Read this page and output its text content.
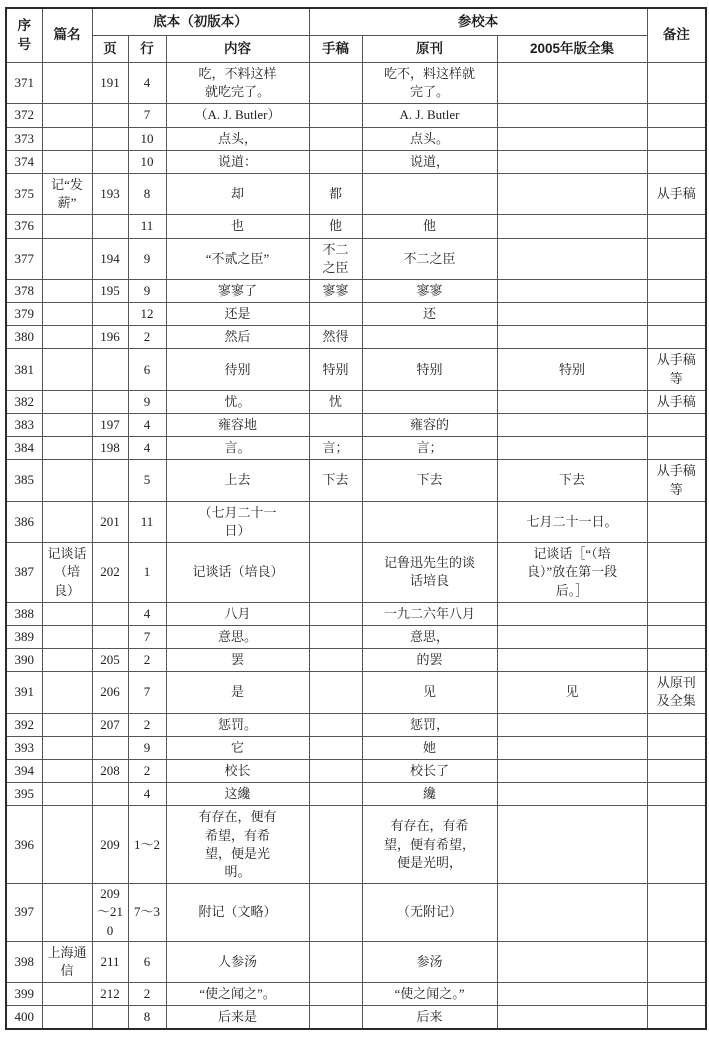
序号	篇名	底本（初版本）			参校本			备注
		页	行	内容	手稿	原刊	2005年版全集	
371		191	4	吃，不料这样就吃完了。		吃不，料这样就完了。		
372			7	（A. J. Butler）		A. J. Butler		
373			10	点头，		点头。		
374			10	说道：		说道，		
375	记“发薪”	193	8	却	都			从手稿
376			11	也	他	他		
377		194	9	“不贰之臣”	不二之臣	不二之臣		
378		195	9	寥寥了	寥寥	寥寥		
379			12	还是		还		
380		196	2	然后	然得			
381			6	待别	特别	特别	特别	从手稿等
382			9	忧。	忧			从手稿
383		197	4	雍容地		雍容的		
384		198	4	言。	言；	言；		
385			5	上去	下去	下去	下去	从手稿等
386		201	11	（七月二十一日）			七月二十一日。	
387	记谈话（培良）	202	1	记谈话（培良）		记鲁迅先生的谈话培良	记谈话［“（培良）”放在第一段后。］	
388			4	八月		一九二六年八月		
389			7	意思。		意思，		
390		205	2	罢		的罢		
391		206	7	是		见	见	从原刊及全集
392		207	2	惩罚。		惩罚，		
393			9	它		她		
394		208	2	校长		校长了		
395			4	这纔		纔		
396		209	1～2	有存在，便有希望，有希望，便是光明。		有存在，有希望，便有希望，便是光明，		
397		209～210	7～3	附记（文略）		（无附记）		
398	上海通信	211	6	人参汤		参汤		
399		212	2	“使之闻之”。		“使之闻之。”		
400			8	后来是		后来		
